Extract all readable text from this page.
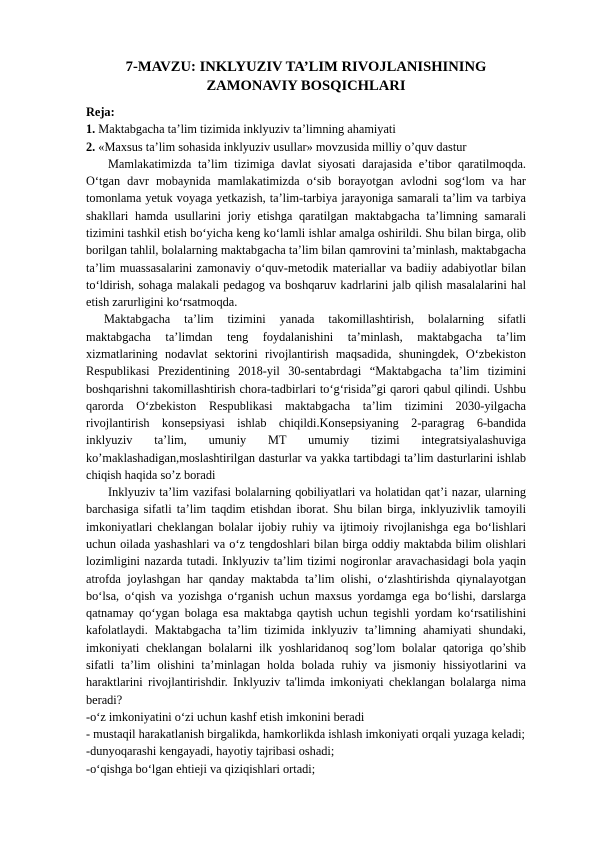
7-MAVZU: INKLYUZIV TA’LIM RIVOJLANISHINING
ZAMONAVIY BOSQICHLARI
Reja:
1. Maktabgacha ta’lim tizimida inklyuziv ta’limning ahamiyati
2. «Maxsus ta’lim sohasida inklyuziv usullar» movzusida milliy o’quv dastur

Mamlakatimizda ta’lim tizimiga davlat siyosati darajasida e’tibor qaratilmoqda. O‘tgan davr mobaynida mamlakatimizda o‘sib borayotgan avlodni sog‘lom va har tomonlama yetuk voyaga yetkazish, ta’lim-tarbiya jarayoniga samarali ta’lim va tarbiya shakllari hamda usullarini joriy etishga qaratilgan maktabgacha ta’limning samarali tizimini tashkil etish bo‘yicha keng ko‘lamli ishlar amalga oshirildi. Shu bilan birga, olib borilgan tahlil, bolalarning maktabgacha ta’lim bilan qamrovini ta’minlash, maktabgacha ta’lim muassasalarini zamonaviy o‘quv-metodik materiallar va badiiy adabiyotlar bilan to‘ldirish, sohaga malakali pedagog va boshqaruv kadrlarini jalb qilish masalalarini hal etish zarurligini ko‘rsatmoqda.

Maktabgacha ta’lim tizimini yanada takomillashtirish, bolalarning sifatli maktabgacha ta’limdan teng foydalanishini ta’minlash, maktabgacha ta’lim xizmatlarining nodavlat sektorini rivojlantirish maqsadida, shuningdek, O‘zbekiston Respublikasi Prezidentining 2018-yil 30-sentabrdagi “Maktabgacha ta’lim tizimini boshqarishni takomillashtirish chora-tadbirlari to‘g‘risida”gi qarori qabul qilindi. Ushbu qarorda O‘zbekiston Respublikasi maktabgacha ta’lim tizimini 2030-yilgacha rivojlantirish konsepsiyasi ishlab chiqildi.Konsepsiyaning 2-paragrag 6-bandida inklyuziv ta’lim, umuniy MT umumiy tizimi integratsiyalashuviga ko’maklashadigan,moslashtirilgan dasturlar va yakka tartibdagi ta’lim dasturlarini ishlab chiqish haqida so’z boradi

Inklyuziv ta’lim vazifasi bolalarning qobiliyatlari va holatidan qat’i nazar, ularning barchasiga sifatli ta’lim taqdim etishdan iborat. Shu bilan birga, inklyuzivlik tamoyili imkoniyatlari cheklangan bolalar ijobiy ruhiy va ijtimoiy rivojlanishga ega bo‘lishlari uchun oilada yashashlari va o‘z tengdoshlari bilan birga oddiy maktabda bilim olishlari lozimligini nazarda tutadi. Inklyuziv ta’lim tizimi nogironlar aravachasidagi bola yaqin atrofda joylashgan har qanday maktabda ta’lim olishi, o‘zlashtirishda qiynalayotgan bo‘lsa, o‘qish va yozishga o‘rganish uchun maxsus yordamga ega bo‘lishi, darslarga qatnamay qo‘ygan bolaga esa maktabga qaytish uchun tegishli yordam ko‘rsatilishini kafolatlaydi. Maktabgacha ta’lim tizimida inklyuziv ta’limning ahamiyati shundaki, imkoniyati cheklangan bolalarni ilk yoshlaridanoq sog’lom bolalar qatoriga qo’shib sifatli ta’lim olishini ta’minlagan holda bolada ruhiy va jismoniy hissiyotlarini va haraktlarini rivojlantirishdir. Inklyuziv ta'limda imkoniyati cheklangan bolalarga nima beradi?

-o‘z imkoniyatini o‘zi uchun kashf etish imkonini beradi

- mustaqil harakatlanish birgalikda, hamkorlikda ishlash imkoniyati orqali yuzaga keladi;

-dunyoqarashi kengayadi, hayotiy tajribasi oshadi;

-o‘qishga bo‘lgan ehtieji va qiziqishlari ortadi;
